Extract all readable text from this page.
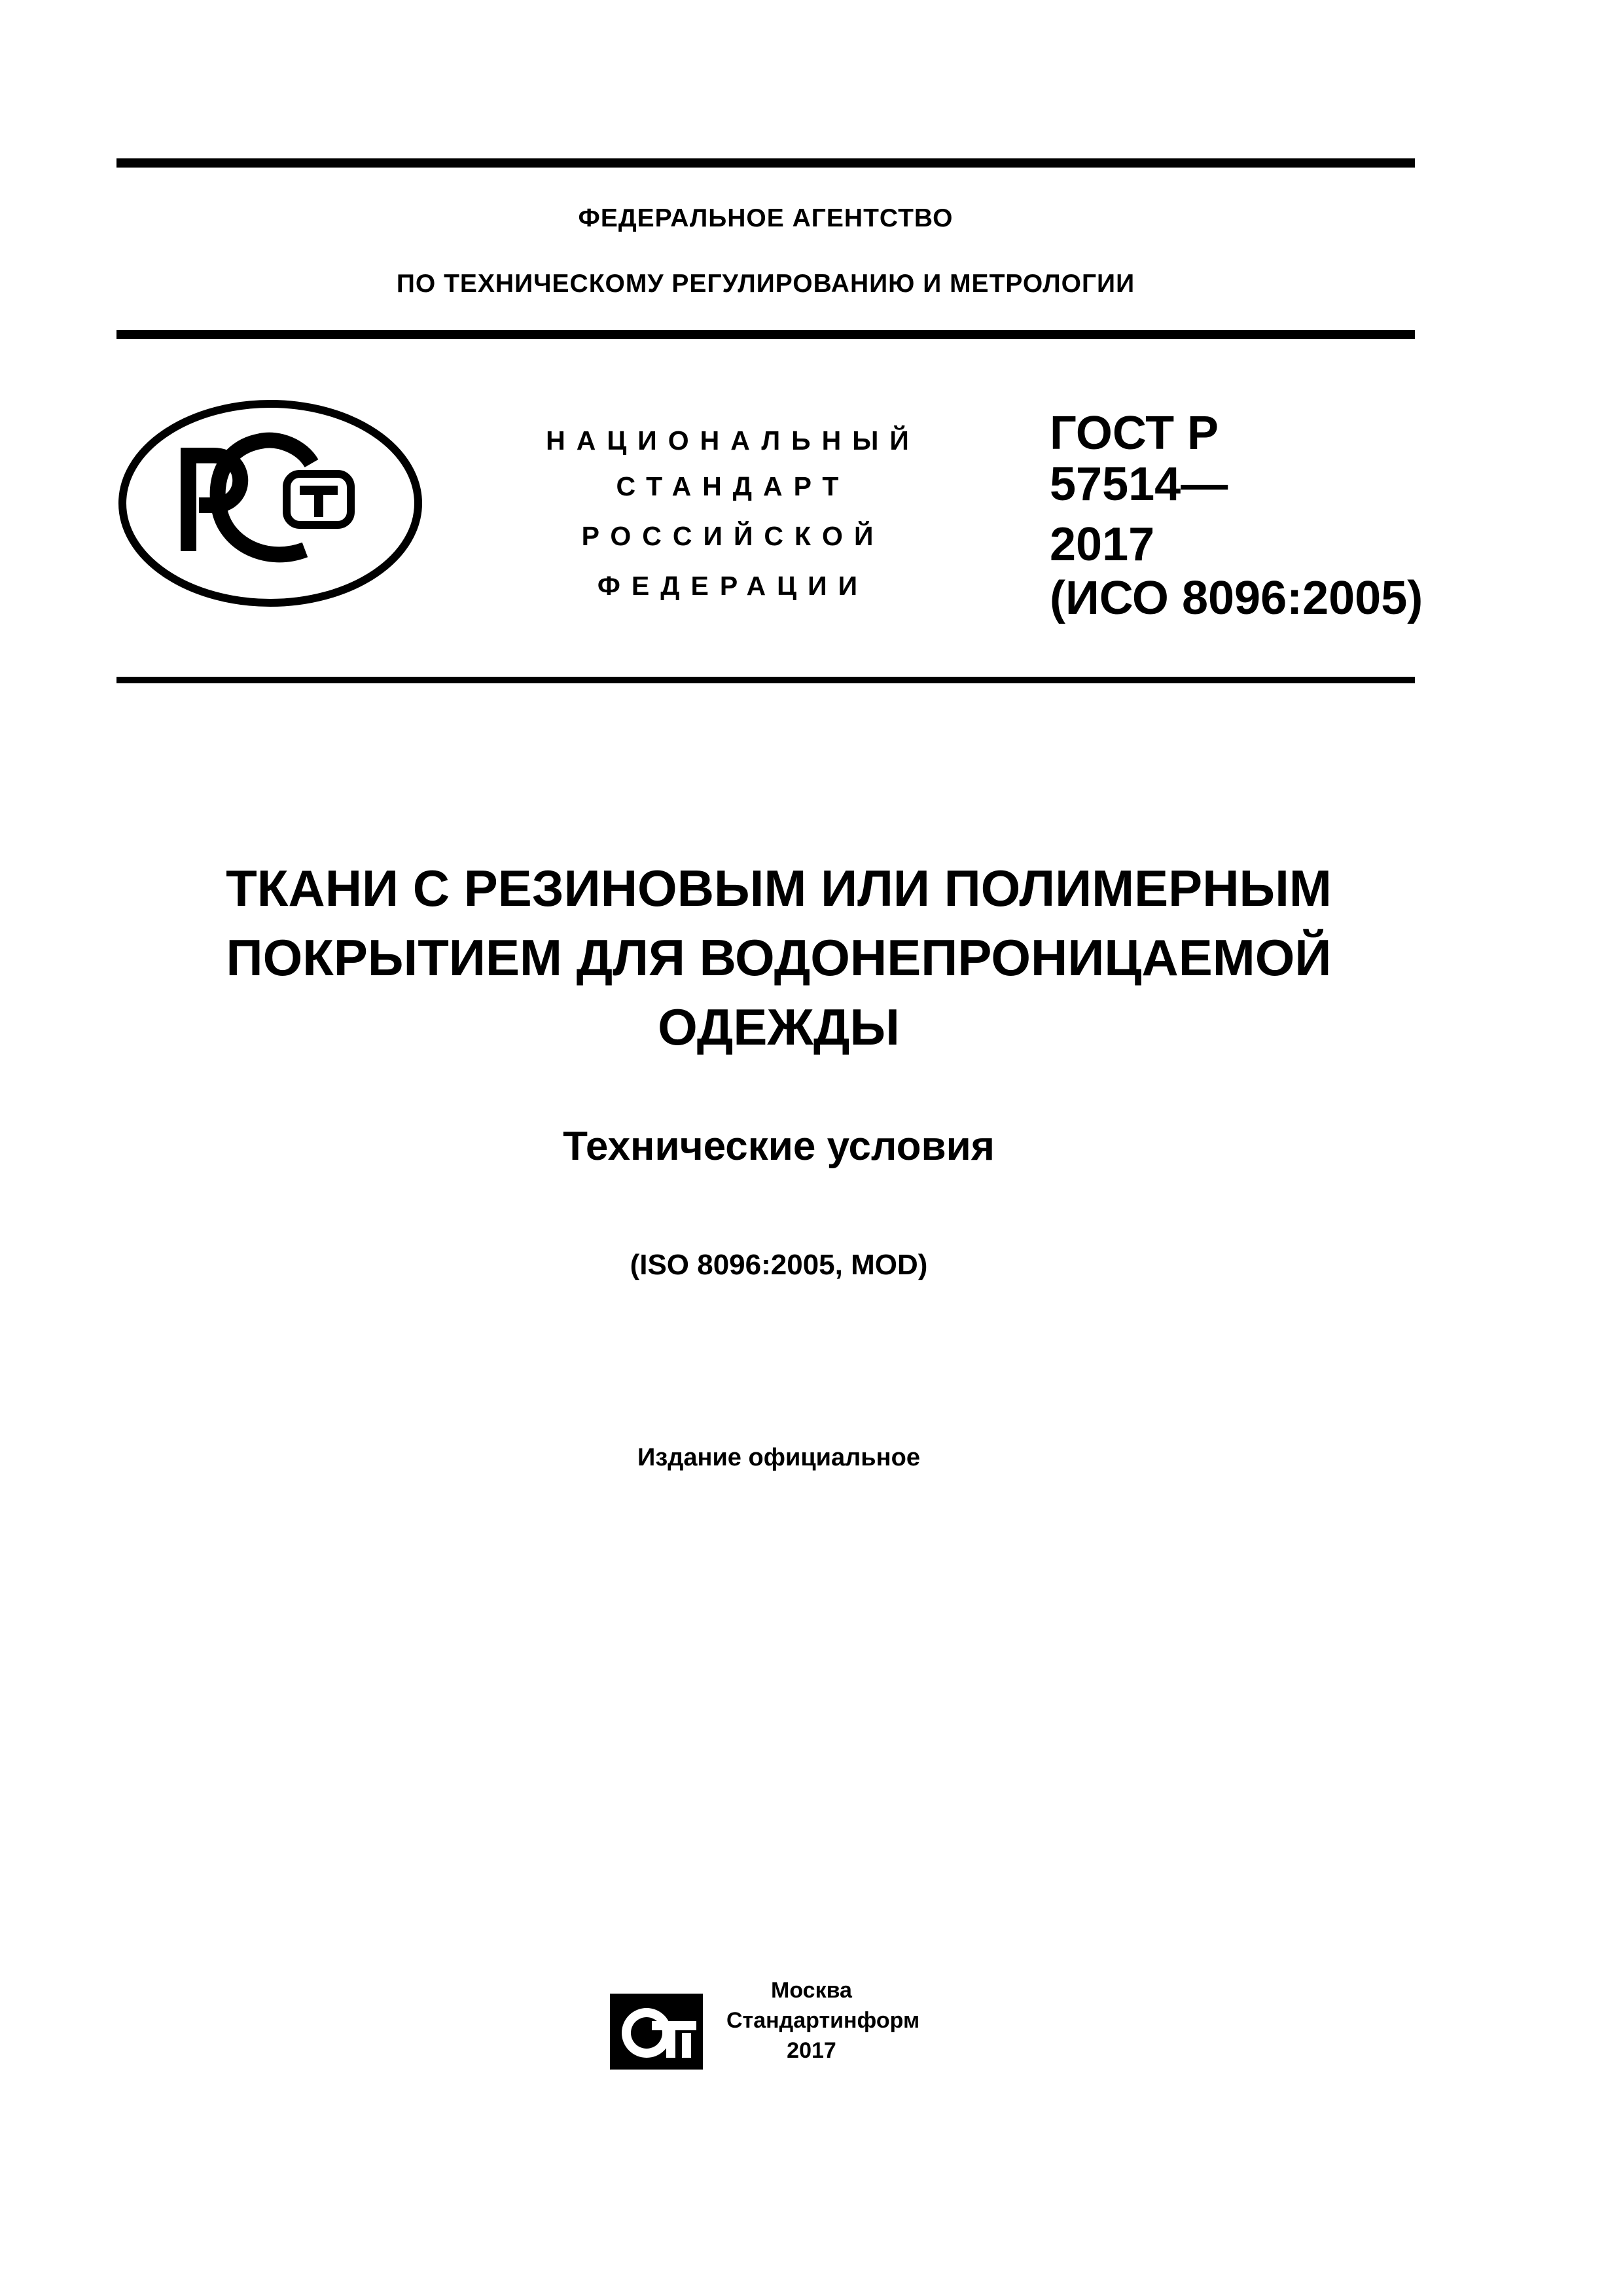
ФЕДЕРАЛЬНОЕ АГЕНТСТВО
ПО ТЕХНИЧЕСКОМУ РЕГУЛИРОВАНИЮ И МЕТРОЛОГИИ
НАЦИОНАЛЬНЫЙ
СТАНДАРТ
РОССИЙСКОЙ
ФЕДЕРАЦИИ
ГОСТ Р
57514—
2017
(ИСО 8096:2005)
ТКАНИ С РЕЗИНОВЫМ ИЛИ ПОЛИМЕРНЫМ
ПОКРЫТИЕМ ДЛЯ ВОДОНЕПРОНИЦАЕМОЙ
ОДЕЖДЫ
Технические условия
(ISO 8096:2005, MOD)
Издание официальное
Москва
Стандартинформ
2017
